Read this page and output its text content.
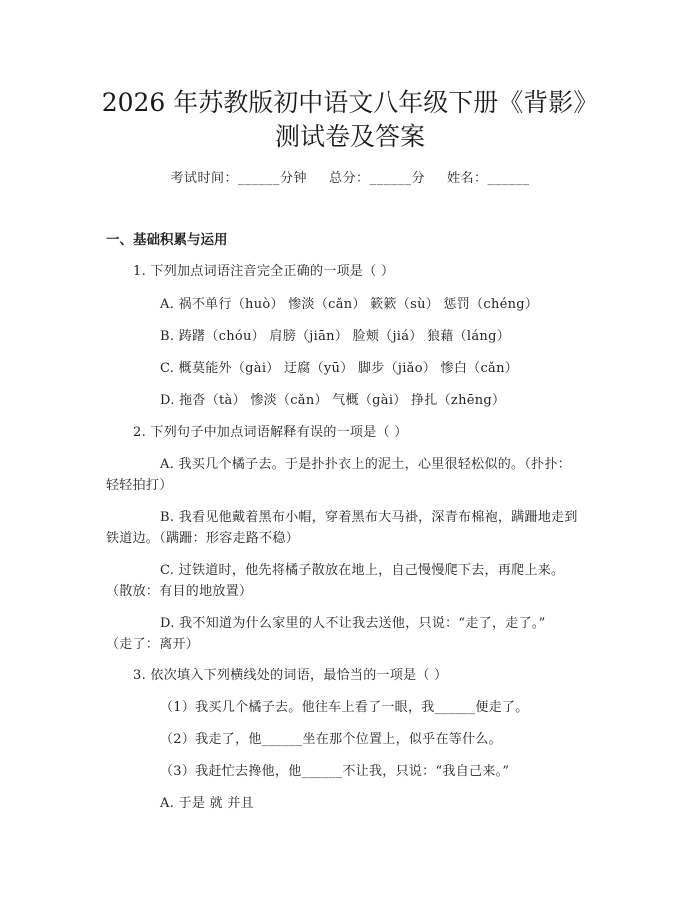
2026 年苏教版初中语文八年级下册《背影》
测试卷及答案
考试时间：______分钟 总分：______分 姓名：______
一、基础积累与运用
1. 下列加点词语注音完全正确的一项是（ ）
A. 祸不单行（huò） 惨淡（cǎn） 簌簌（sù） 惩罚（chéng）
B. 踌躇（chóu） 肩膀（jiān） 脸颊（jiá） 狼藉（láng）
C. 概莫能外（gài） 迂腐（yū） 脚步（jiǎo） 惨白（cǎn）
D. 拖沓（tà） 惨淡（cǎn） 气概（gài） 挣扎（zhēng）
2. 下列句子中加点词语解释有误的一项是（ ）
A. 我买几个橘子去。于是扑扑衣上的泥土，心里很轻松似的。（扑扑：
轻轻拍打）
B. 我看见他戴着黑布小帽，穿着黑布大马褂，深青布棉袍，蹒跚地走到
铁道边。（蹒跚：形容走路不稳）
C. 过铁道时，他先将橘子散放在地上，自己慢慢爬下去，再爬上来。
（散放：有目的地放置）
D. 我不知道为什么家里的人不让我去送他，只说：“走了，走了。”
（走了：离开）
3. 依次填入下列横线处的词语，最恰当的一项是（ ）
（1）我买几个橘子去。他往车上看了一眼，我______便走了。
（2）我走了，他______坐在那个位置上，似乎在等什么。
（3）我赶忙去搀他，他______不让我，只说：“我自己来。”
A. 于是 就 并且
